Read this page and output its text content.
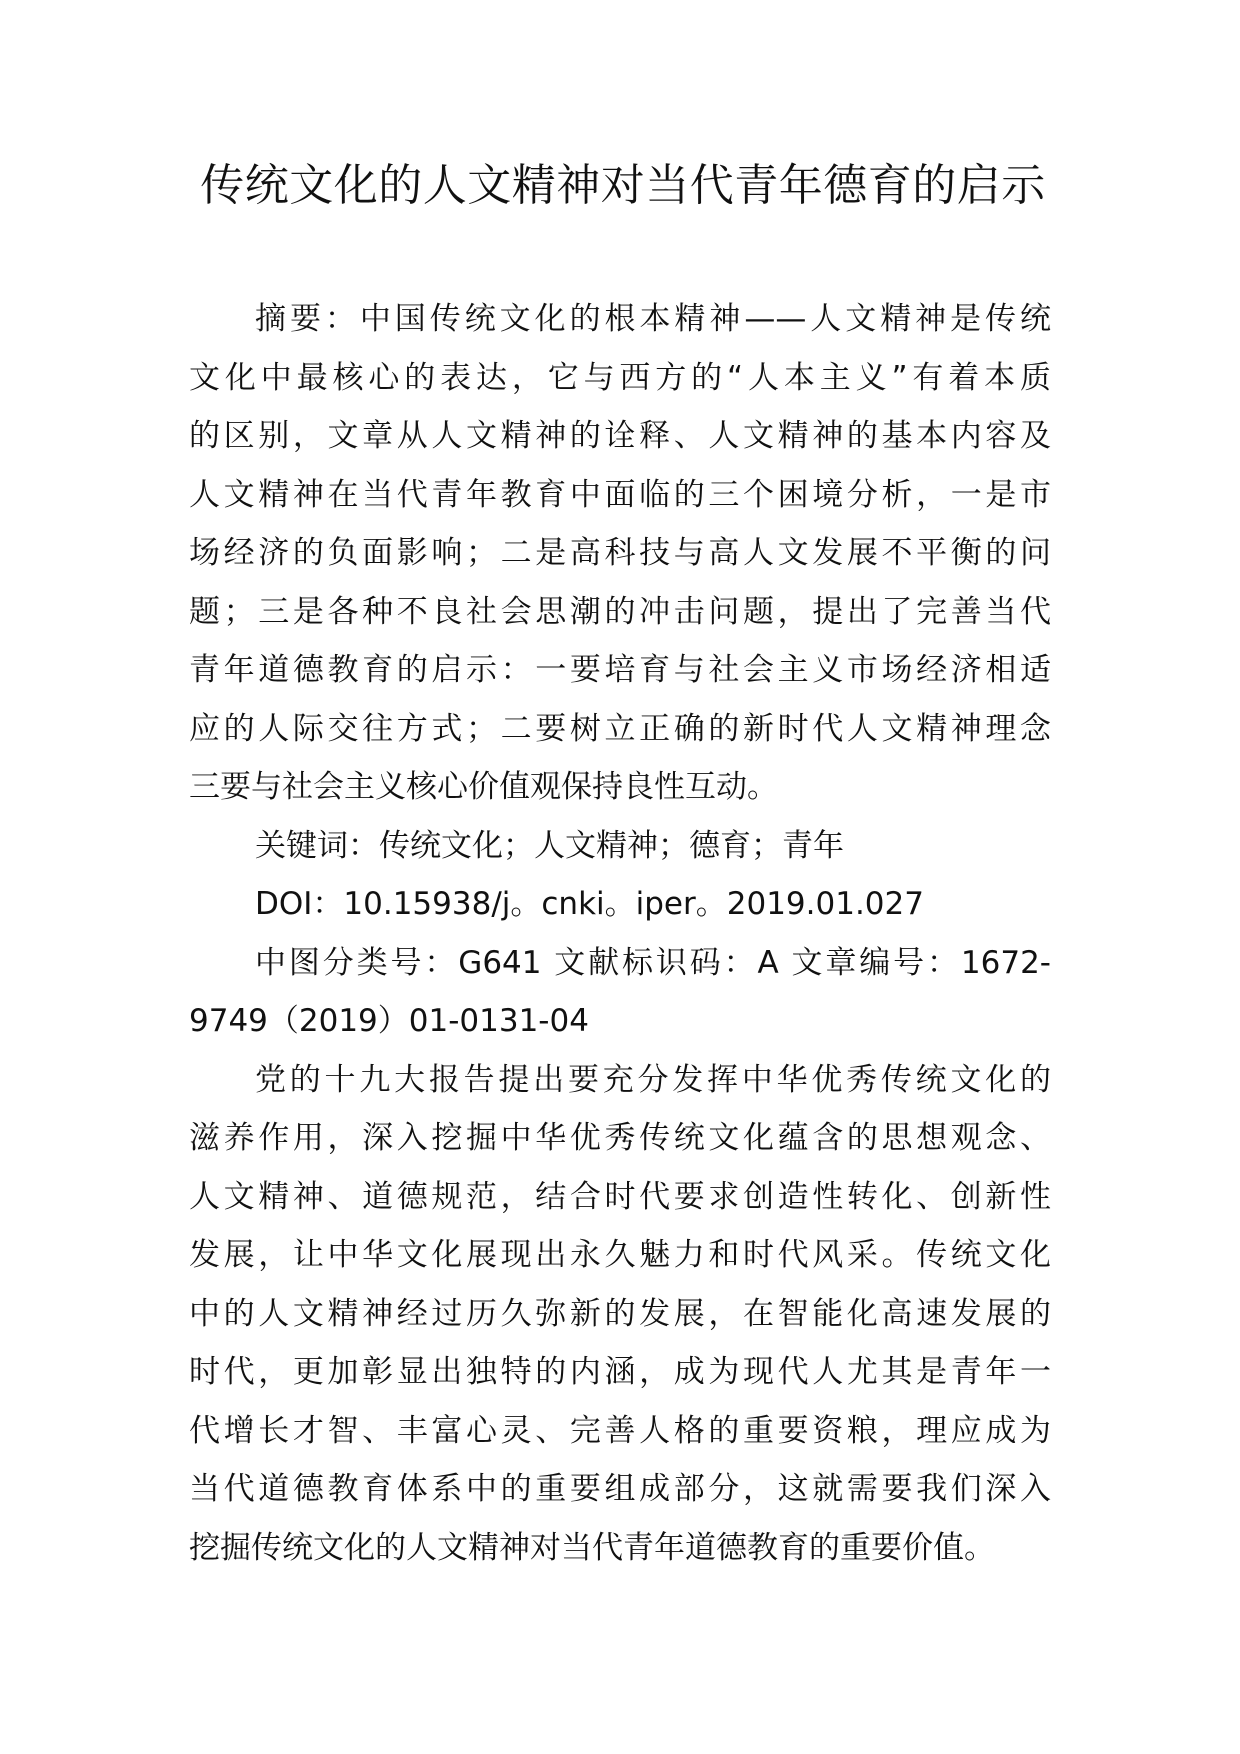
传统文化的人文精神对当代青年德育的启示
摘要：中国传统文化的根本精神——人文精神是传统
文化中最核心的表达，它与西方的“人本主义”有着本质
的区别，文章从人文精神的诠释、人文精神的基本内容及
人文精神在当代青年教育中面临的三个困境分析，一是市
场经济的负面影响；二是高科技与高人文发展不平衡的问
题；三是各种不良社会思潮的冲击问题，提出了完善当代
青年道德教育的启示：一要培育与社会主义市场经济相适
应的人际交往方式；二要树立正确的新时代人文精神理念
三要与社会主义核心价值观保持良性互动。
关键词：传统文化；人文精神；德育；青年
DOI：10.15938/j。cnki。iper。2019.01.027
中图分类号：G641 文献标识码：A 文章编号：1672-
9749（2019）01-0131-04
党的十九大报告提出要充分发挥中华优秀传统文化的
滋养作用，深入挖掘中华优秀传统文化蕴含的思想观念、
人文精神、道德规范，结合时代要求创造性转化、创新性
发展，让中华文化展现出永久魅力和时代风采。传统文化
中的人文精神经过历久弥新的发展，在智能化高速发展的
时代，更加彰显出独特的内涵，成为现代人尤其是青年一
代增长才智、丰富心灵、完善人格的重要资粮，理应成为
当代道德教育体系中的重要组成部分，这就需要我们深入
挖掘传统文化的人文精神对当代青年道德教育的重要价值。
